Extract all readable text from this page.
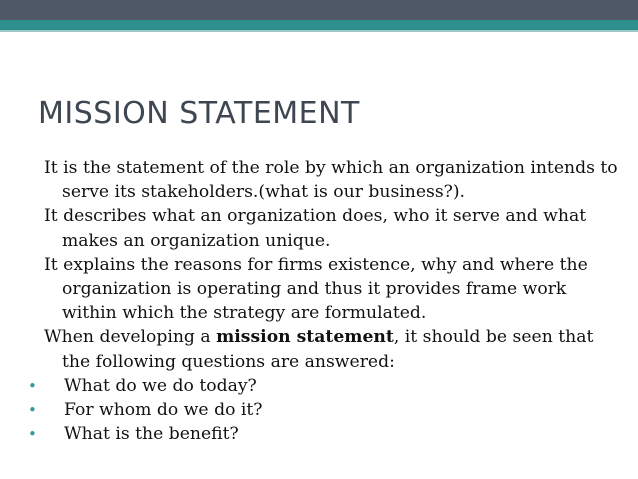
MISSION STATEMENT

It is the statement of the role by which an organization intends to serve its stakeholders.(what is our business?).

It describes what an organization does, who it serve and what makes an organization unique.

It explains the reasons for firms existence, why and where the organization is operating and thus it provides frame work within which the strategy are formulated.

When developing a mission statement, it should be seen that the following questions are answered:

• What do we do today?
• For whom do we do it?
• What is the benefit?
